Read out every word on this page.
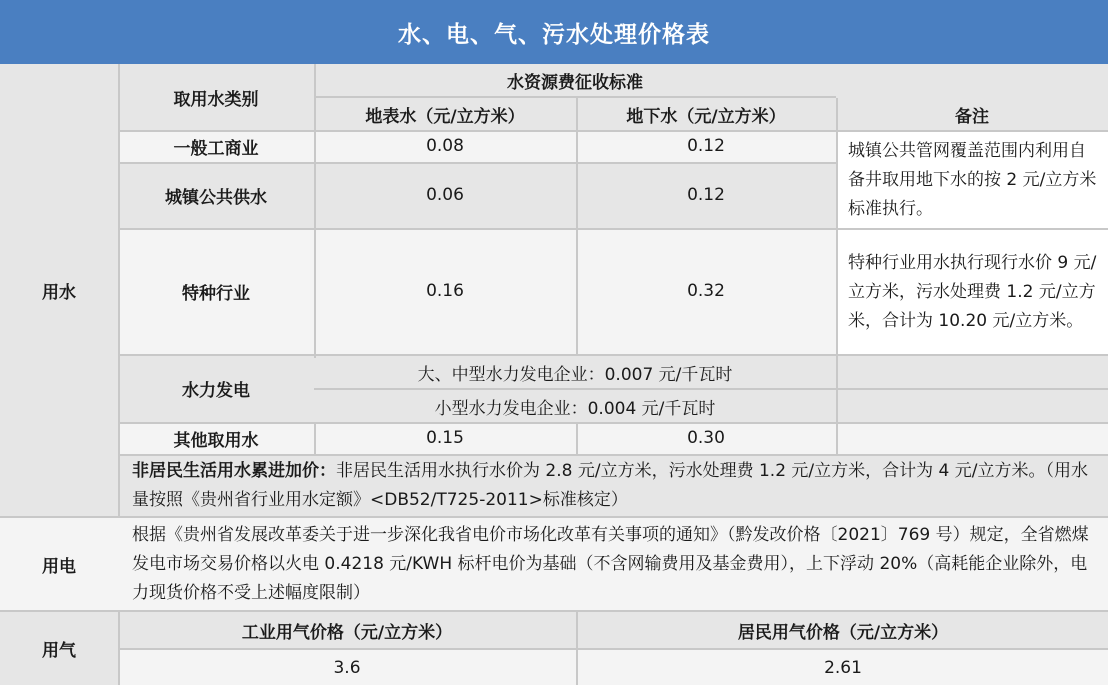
水、电、气、污水处理价格表
用水
取用水类别
水资源费征收标准
地表水（元/立方米）	地下水（元/立方米）	备注
一般工商业	0.08	0.12
城镇公共供水	0.06	0.12
城镇公共管网覆盖范围内利用自备井取用地下水的按 2 元/立方米标准执行。
特种行业	0.16	0.32
特种行业用水执行现行水价 9 元/立方米，污水处理费 1.2 元/立方米，合计为 10.20 元/立方米。
水力发电
大、中型水力发电企业：0.007 元/千瓦时
小型水力发电企业：0.004 元/千瓦时
其他取用水	0.15	0.30
非居民生活用水累进加价：非居民生活用水执行水价为 2.8 元/立方米，污水处理费 1.2 元/立方米，合计为 4 元/立方米。（用水量按照《贵州省行业用水定额》<DB52/T725-2011>标准核定）
用电
根据《贵州省发展改革委关于进一步深化我省电价市场化改革有关事项的通知》（黔发改价格〔2021〕769 号）规定，全省燃煤发电市场交易价格以火电 0.4218 元/KWH 标杆电价为基础（不含网输费用及基金费用），上下浮动 20%（高耗能企业除外，电力现货价格不受上述幅度限制）
用气
工业用气价格（元/立方米）	居民用气价格（元/立方米）
3.6	2.61
